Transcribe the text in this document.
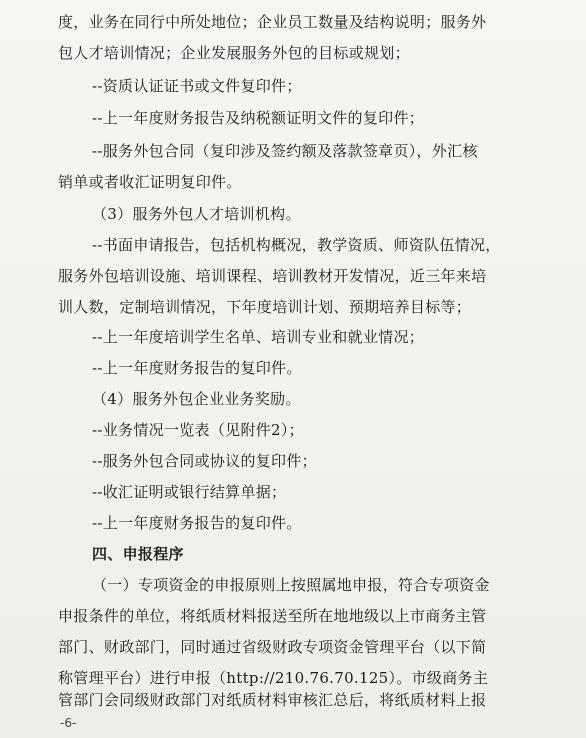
度，业务在同行中所处地位；企业员工数量及结构说明；服务外
包人才培训情况；企业发展服务外包的目标或规划；
--资质认证证书或文件复印件；
--上一年度财务报告及纳税额证明文件的复印件；
--服务外包合同（复印涉及签约额及落款签章页），外汇核
销单或者收汇证明复印件。
（3）服务外包人才培训机构。
--书面申请报告，包括机构概况，教学资质、师资队伍情况，
服务外包培训设施、培训课程、培训教材开发情况，近三年来培
训人数，定制培训情况，下年度培训计划、预期培养目标等；
--上一年度培训学生名单、培训专业和就业情况；
--上一年度财务报告的复印件。
（4）服务外包企业业务奖励。
--业务情况一览表（见附件2）；
--服务外包合同或协议的复印件；
--收汇证明或银行结算单据；
--上一年度财务报告的复印件。
四、申报程序
（一）专项资金的申报原则上按照属地申报，符合专项资金
申报条件的单位，将纸质材料报送至所在地地级以上市商务主管
部门、财政部门，同时通过省级财政专项资金管理平台（以下简
称管理平台）进行申报（http://210.76.70.125）。市级商务主
管部门会同级财政部门对纸质材料审核汇总后，将纸质材料上报
-6-
